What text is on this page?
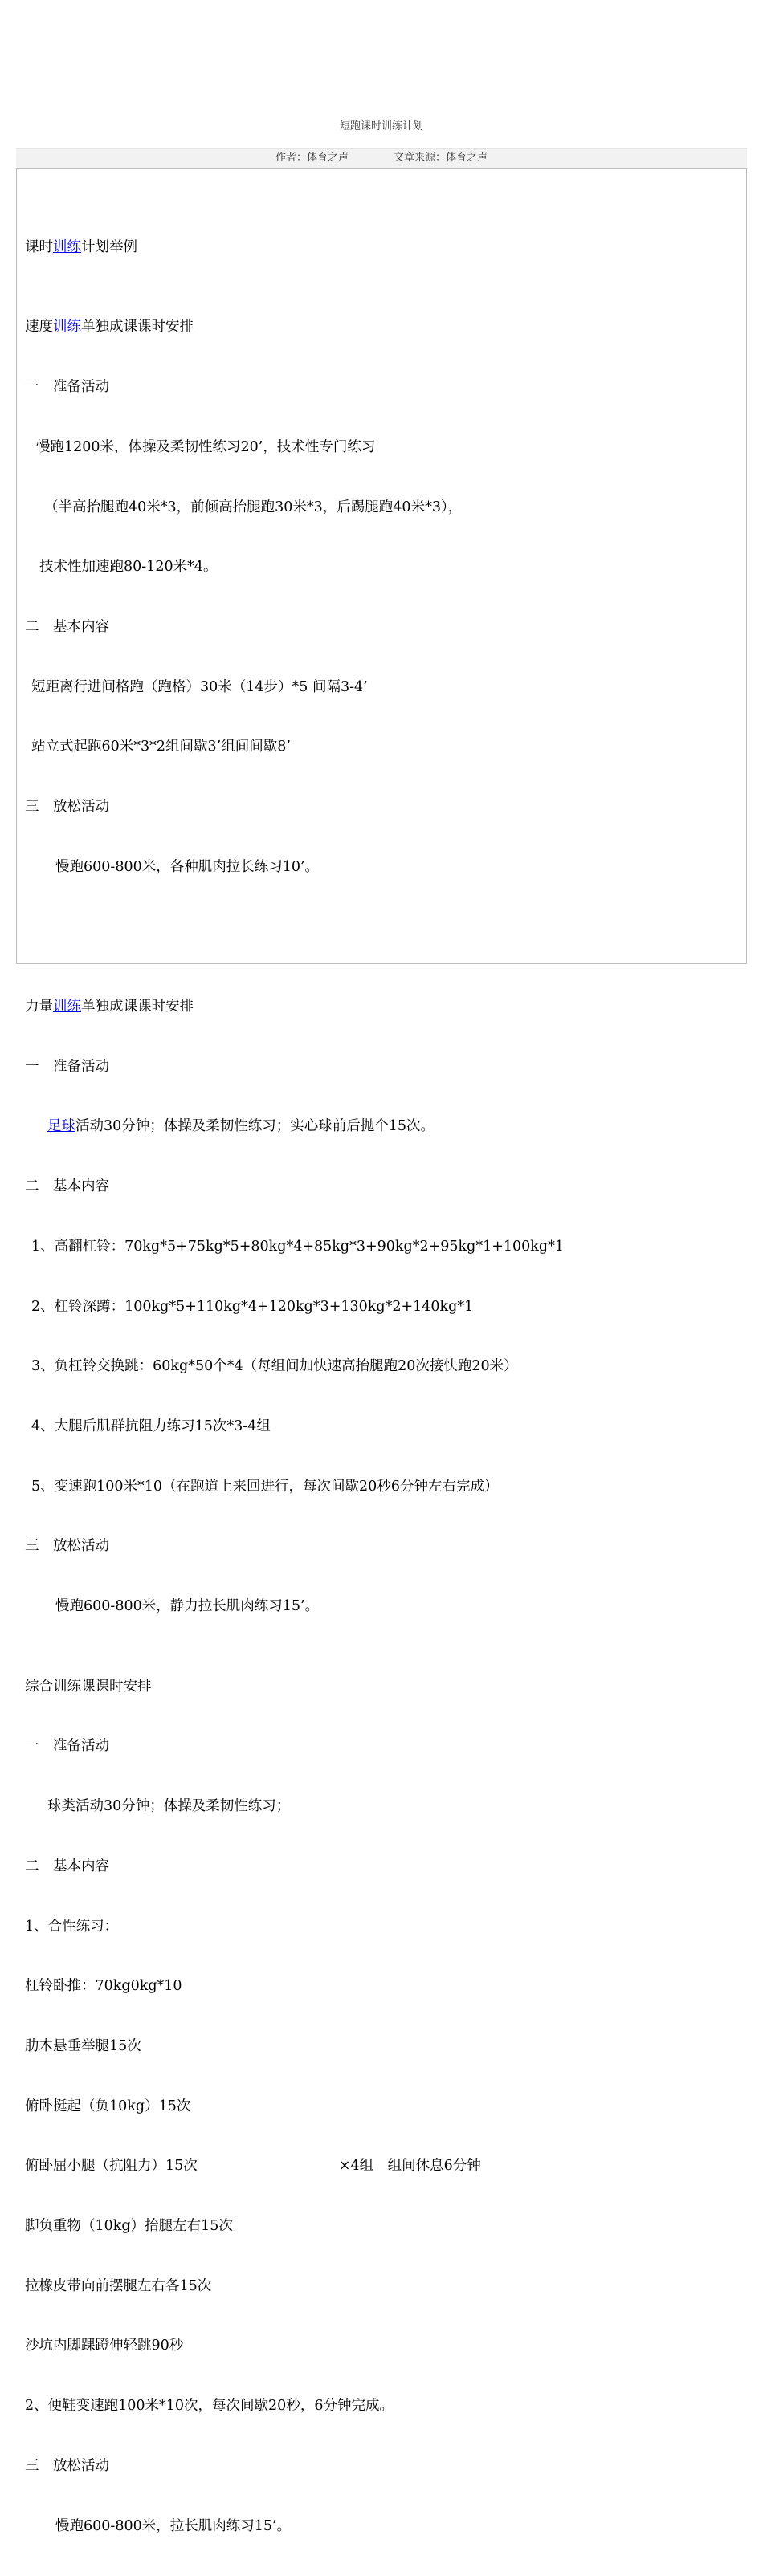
短跑课时训练计划
作者：体育之声	文章来源：体育之声

课时训练计划举例

速度训练单独成课课时安排

一　准备活动

慢跑1200米，体操及柔韧性练习20’，技术性专门练习

（半高抬腿跑40米*3，前倾高抬腿跑30米*3，后踢腿跑40米*3），

技术性加速跑80-120米*4。

二　基本内容

短距离行进间格跑（跑格）30米（14步）*5 间隔3-4’

站立式起跑60米*3*2组间歇3’组间间歇8’

三　放松活动

慢跑600-800米，各种肌肉拉长练习10’。

力量训练单独成课课时安排

一　准备活动

足球活动30分钟；体操及柔韧性练习；实心球前后抛个15次。

二　基本内容

1、高翻杠铃：70kg*5+75kg*5+80kg*4+85kg*3+90kg*2+95kg*1+100kg*1

2、杠铃深蹲：100kg*5+110kg*4+120kg*3+130kg*2+140kg*1

3、负杠铃交换跳：60kg*50个*4（每组间加快速高抬腿跑20次接快跑20米）

4、大腿后肌群抗阻力练习15次*3-4组

5、变速跑100米*10（在跑道上来回进行，每次间歇20秒6分钟左右完成）

三　放松活动

慢跑600-800米，静力拉长肌肉练习15’。

综合训练课课时安排

一　准备活动

球类活动30分钟；体操及柔韧性练习；

二　基本内容

1、合性练习：

杠铃卧推：70kg0kg*10

肋木悬垂举腿15次

俯卧挺起（负10kg）15次

俯卧屈小腿（抗阻力）15次	×4组　组间休息6分钟

脚负重物（10kg）抬腿左右15次

拉橡皮带向前摆腿左右各15次

沙坑内脚踝蹬伸轻跳90秒

2、便鞋变速跑100米*10次，每次间歇20秒，6分钟完成。

三　放松活动

慢跑600-800米，拉长肌肉练习15’。
